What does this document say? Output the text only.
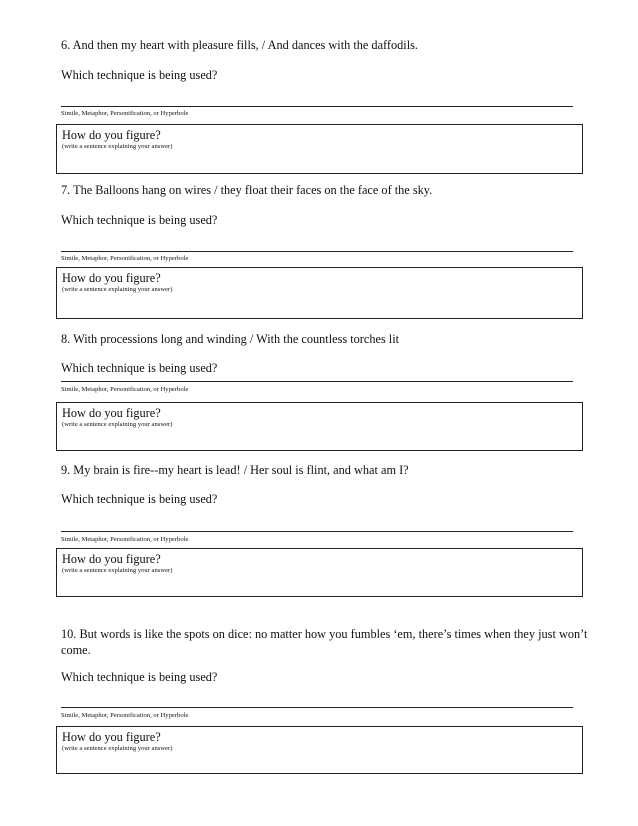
6. And then my heart with pleasure fills, / And dances with the daffodils.

Which technique is being used?

Simile, Metaphor, Personification, or Hyperbole

How do you figure?

(write a sentence explaining your answer)

7. The Balloons hang on wires / they float their faces on the face of the sky.

Which technique is being used?

Simile, Metaphor, Personification, or Hyperbole

How do you figure?

(write a sentence explaining your answer)

8. With processions long and winding / With the countless torches lit

Which technique is being used?

Simile, Metaphor, Personification, or Hyperbole

How do you figure?

(write a sentence explaining your answer)

9. My brain is fire--my heart is lead! / Her soul is flint, and what am I?

Which technique is being used?

Simile, Metaphor, Personification, or Hyperbole

How do you figure?

(write a sentence explaining your answer)

10. But words is like the spots on dice: no matter how you fumbles ‘em, there’s times when they just won’t come.

Which technique is being used?

Simile, Metaphor, Personification, or Hyperbole

How do you figure?

(write a sentence explaining your answer)
